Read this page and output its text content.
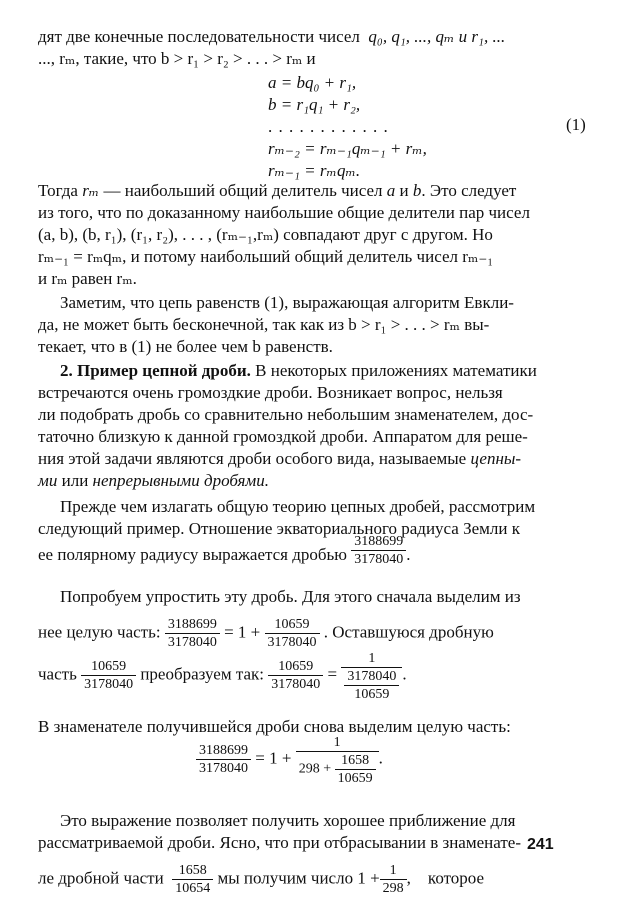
дят две конечные последовательности чисел q₀, q₁, ..., qₘ и r₁, ...
..., rₘ, такие, что b > r₁ > r₂ > . . . > rₘ и
a = bq₀ + r₁,
b = r₁q₁ + r₂,
. . . . . . . . . . . .
rₘ₋₂ = rₘ₋₁qₘ₋₁ + rₘ,
rₘ₋₁ = rₘqₘ.
(1)
Тогда rₘ — наибольший общий делитель чисел a и b. Это следует
из того, что по доказанному наибольшие общие делители пар чисел
(a, b), (b, r₁), (r₁, r₂), . . . , (rₘ₋₁,rₘ) совпадают друг с другом. Но
rₘ₋₁ = rₘqₘ, и потому наибольший общий делитель чисел rₘ₋₁
и rₘ равен rₘ.
Заметим, что цепь равенств (1), выражающая алгоритм Евкли-
да, не может быть бесконечной, так как из b > r₁ > . . . > rₘ вы-
текает, что в (1) не более чем b равенств.
2. Пример цепной дроби. В некоторых приложениях математики
встречаются очень громоздкие дроби. Возникает вопрос, нельзя
ли подобрать дробь со сравнительно небольшим знаменателем, дос-
таточно близкую к данной громоздкой дроби. Аппаратом для реше-
ния этой задачи являются дроби особого вида, называемые цепны-
ми или непрерывными дробями.
Прежде чем излагать общую теорию цепных дробей, рассмотрим
следующий пример. Отношение экваториального радиуса Земли к
ее полярному радиусу выражается дробью $\frac{3188699}{3178040}$ .
Попробуем упростить эту дробь. Для этого сначала выделим из
нее целую часть: $\frac{3188699}{3178040} = 1 + \frac{10659}{3178040}$ . Оставшуюся дробную
часть $\frac{10659}{3178040}$ преобразуем так: $\frac{10659}{3178040} = \frac{1}{\frac{3178040}{10659}}$ .
В знаменателе получившейся дроби снова выделим целую часть:
$\frac{3188699}{3178040} = 1 + \frac{1}{298 + \frac{1658}{10659}}$ .
Это выражение позволяет получить хорошее приближение для
рассматриваемой дроби. Ясно, что при отбрасывании в знаменате-
ле дробной части $\frac{1658}{10654}$ мы получим число $1 + \frac{1}{298}$ , которое
241
